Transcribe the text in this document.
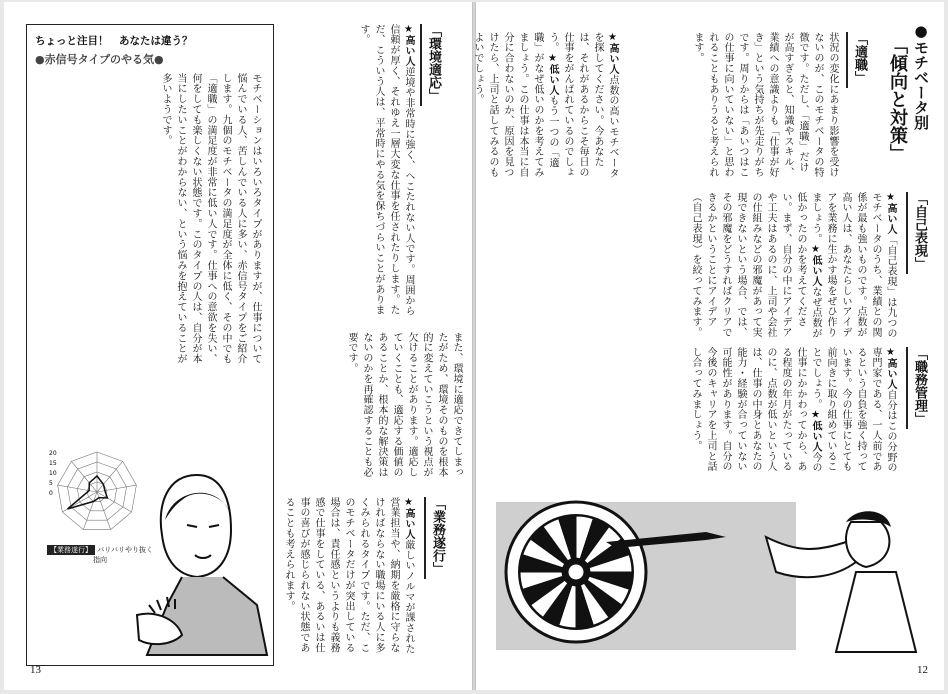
ちょっと注目！　あなたは違う？
●赤信号タイプのやる気●
モチベーションはいろいろタイプがありますが、仕事について悩んでいる人、苦しんでいる人に多い、赤信号タイプをご紹介します。九個のモチベータの満足度が全体に低く、その中でも「適職」の満足度が非常に低い人です。仕事への意欲を失い、何をしても楽しくない状態です。このタイプの人は、自分が本当にしたいことがわからない、という悩みを抱えていることが多いようです。
20
15
10
5
0
【業務遂行】 バリバリやり抜く指向
「環境適応」
★高い人逆境や非常時に強く、へこたれない人です。周囲から信頼が厚く、それゆえ一層大変な仕事を任されたりします。ただ、こういう人は、平常時にやる気を保ちづらいことがあります。
また、環境に適応できてしまったがため、環境そのものを根本的に変えていこうという視点が欠けることがあります。適応していくことも、適応する価値のあることか、根本的な解決策はないのかを再確認することも必要です。
「業務遂行」
★高い人厳しいノルマが課された営業担当や、納期を厳格に守らなければならない職場にいる人に多くみられるタイプです。ただ、このモチベータだけが突出している場合は、責任感というよりも義務感で仕事をしている、あるいは仕事の喜びが感じられない状態であることも考えられます。
13
●モチベータ別
「傾向と対策」
「適職」
状況の変化にあまり影響を受けないのが、このモチベータの特徴です。ただし、「適職」だけが高すぎると、知識やスキル、業績への意識よりも「仕事が好き」という気持ちが先走りがちです。周りからは「あいつはこの仕事に向いていない」と思われることもありうると考えられます。
★高い人点数の高いモチベータを探してください。今あなたは、それがあるからこそ毎日の仕事をがんばれているのでしょう。★低い人もう一つの「適職」がなぜ低いのかを考えてみましょう。この仕事は本当に自分に合わないのか、原因を見つけたら、上司と話してみるのもよいでしょう。
「自己表現」
★高い人「自己表現」は九つのモチベータのうち、業績との関係が最も強いものです。点数が高い人は、あなたらしいアイデアを業務に生かす場をぜひ作りましょう。★低い人なぜ点数が低かったのかを考えてください。まず、自分の中にアイデアや工夫はあるのに、上司や会社の仕組みなどの邪魔があって実現できないという場合、では、その邪魔をどうすればクリアできるかということにアイデア（自己表現）を絞ってみます。
「職務管理」
★高い人自分はこの分野の専門家である、一人前であるという自負を強く持っています。今の仕事にとても前向きに取り組めていることでしょう。★低い人今の仕事にかかわってから、ある程度の年月がたっているのに、点数が低いという人は、仕事の中身とあなたの能力・経験が合っていない可能性があります。自分の今後のキャリアを上司と話し合ってみましょう。
12
